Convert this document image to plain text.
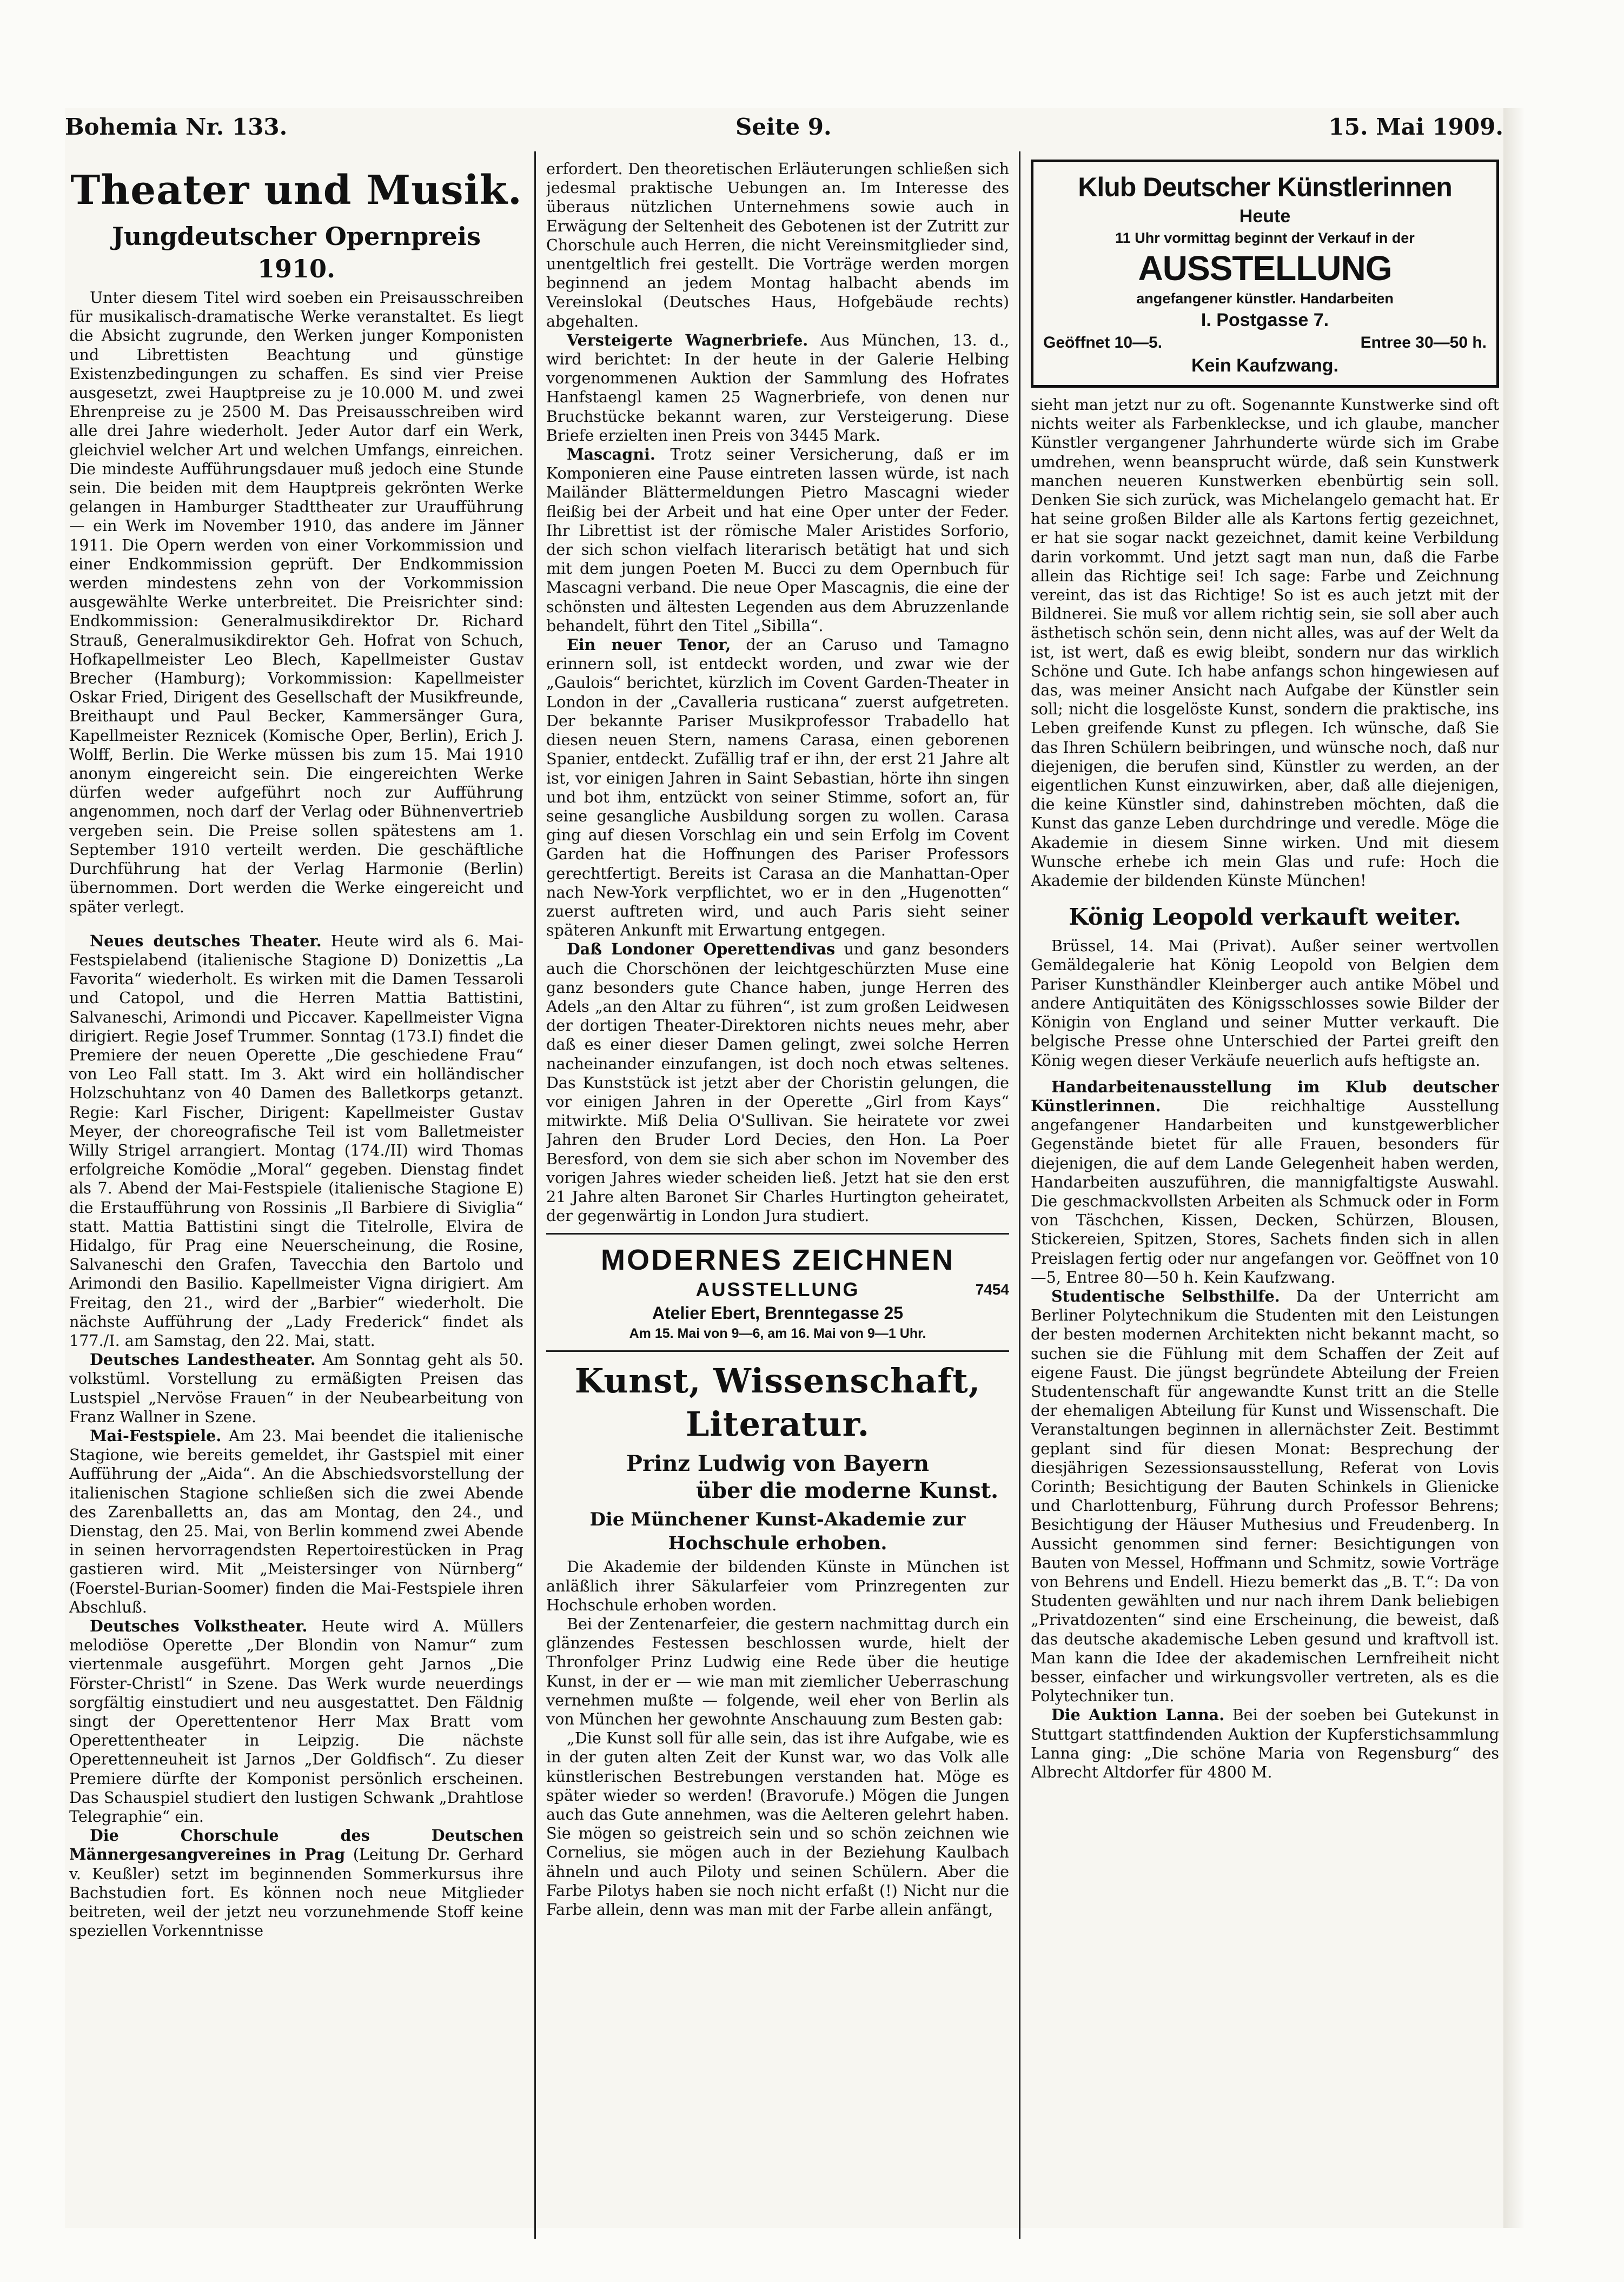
Bohemia Nr. 133.	Seite 9.	15. Mai 1909.
Theater und Musik.
Jungdeutscher Opernpreis 1910.

Unter diesem Titel wird soeben ein Preisausschreiben für musikalisch-dramatische Werke veranstaltet. Es liegt die Absicht zugrunde, den Werken junger Komponisten und Librettisten Beachtung und günstige Existenzbedingungen zu schaffen. Es sind vier Preise ausgesetzt, zwei Hauptpreise zu je 10.000 M. und zwei Ehrenpreise zu je 2500 M. Das Preisausschreiben wird alle drei Jahre wiederholt. Jeder Autor darf ein Werk, gleichviel welcher Art und welchen Umfangs, einreichen. Die mindeste Aufführungsdauer muß jedoch eine Stunde sein. Die beiden mit dem Hauptpreis gekrönten Werke gelangen in Hamburger Stadttheater zur Uraufführung — ein Werk im November 1910, das andere im Jänner 1911. Die Opern werden von einer Vorkommission und einer Endkommission geprüft. Der Endkommission werden mindestens zehn von der Vorkommission ausgewählte Werke unterbreitet. Die Preisrichter sind: Endkommission: Generalmusikdirektor Dr. Richard Strauß, Generalmusikdirektor Geh. Hofrat von Schuch, Hofkapellmeister Leo Blech, Kapellmeister Gustav Brecher (Hamburg); Vorkommission: Kapellmeister Oskar Fried, Dirigent des Gesellschaft der Musikfreunde, Breithaupt und Paul Becker, Kammersänger Gura, Kapellmeister Reznicek (Komische Oper, Berlin), Erich J. Wolff, Berlin. Die Werke müssen bis zum 15. Mai 1910 anonym eingereicht sein. Die eingereichten Werke dürfen weder aufgeführt noch zur Aufführung angenommen, noch darf der Verlag oder Bühnenvertrieb vergeben sein. Die Preise sollen spätestens am 1. September 1910 verteilt werden. Die geschäftliche Durchführung hat der Verlag Harmonie (Berlin) übernommen. Dort werden die Werke eingereicht und später verlegt.

Neues deutsches Theater. Heute wird als 6. Mai-Festspielabend (italienische Stagione D) Donizettis „La Favorita“ wiederholt. Es wirken mit die Damen Tessaroli und Catopol, und die Herren Mattia Battistini, Salvaneschi, Arimondi und Piccaver. Kapellmeister Vigna dirigiert. Regie Josef Trummer. Sonntag (173.I) findet die Premiere der neuen Operette „Die geschiedene Frau“ von Leo Fall statt. Im 3. Akt wird ein holländischer Holzschuhtanz von 40 Damen des Balletkorps getanzt. Regie: Karl Fischer, Dirigent: Kapellmeister Gustav Meyer, der choreografische Teil ist vom Balletmeister Willy Strigel arrangiert. Montag (174./II) wird Thomas erfolgreiche Komödie „Moral“ gegeben. Dienstag findet als 7. Abend der Mai-Festspiele (italienische Stagione E) die Erstaufführung von Rossinis „Il Barbiere di Siviglia“ statt. Mattia Battistini singt die Titelrolle, Elvira de Hidalgo, für Prag eine Neuerscheinung, die Rosine, Salvaneschi den Grafen, Tavecchia den Bartolo und Arimondi den Basilio. Kapellmeister Vigna dirigiert. Am Freitag, den 21., wird der „Barbier“ wiederholt. Die nächste Aufführung der „Lady Frederick“ findet als 177./I. am Samstag, den 22. Mai, statt.

Deutsches Landestheater. Am Sonntag geht als 50. volkstüml. Vorstellung zu ermäßigten Preisen das Lustspiel „Nervöse Frauen“ in der Neubearbeitung von Franz Wallner in Szene.

Mai-Festspiele. Am 23. Mai beendet die italienische Stagione, wie bereits gemeldet, ihr Gastspiel mit einer Aufführung der „Aida“. An die Abschiedsvorstellung der italienischen Stagione schließen sich die zwei Abende des Zarenballetts an, das am Montag, den 24., und Dienstag, den 25. Mai, von Berlin kommend zwei Abende in seinen hervorragendsten Repertoirestücken in Prag gastieren wird. Mit „Meistersinger von Nürnberg“ (Foerstel-Burian-Soomer) finden die Mai-Festspiele ihren Abschluß.

Deutsches Volkstheater. Heute wird A. Müllers melodiöse Operette „Der Blondin von Namur“ zum viertenmale ausgeführt. Morgen geht Jarnos „Die Förster-Christl“ in Szene. Das Werk wurde neuerdings sorgfältig einstudiert und neu ausgestattet. Den Fäldnig singt der Operettentenor Herr Max Bratt vom Operettentheater in Leipzig. Die nächste Operettenneuheit ist Jarnos „Der Goldfisch“. Zu dieser Premiere dürfte der Komponist persönlich erscheinen. Das Schauspiel studiert den lustigen Schwank „Drahtlose Telegraphie“ ein.

Die Chorschule des Deutschen Männergesangvereines in Prag (Leitung Dr. Gerhard v. Keußler) setzt im beginnenden Sommerkursus ihre Bachstudien fort. Es können noch neue Mitglieder beitreten, weil der jetzt neu vorzunehmende Stoff keine speziellen Vorkenntnisse

erfordert. Den theoretischen Erläuterungen schließen sich jedesmal praktische Uebungen an. Im Interesse des überaus nützlichen Unternehmens sowie auch in Erwägung der Seltenheit des Gebotenen ist der Zutritt zur Chorschule auch Herren, die nicht Vereinsmitglieder sind, unentgeltlich frei gestellt. Die Vorträge werden morgen beginnend an jedem Montag halbacht abends im Vereinslokal (Deutsches Haus, Hofgebäude rechts) abgehalten.

Versteigerte Wagnerbriefe. Aus München, 13. d., wird berichtet: In der heute in der Galerie Helbing vorgenommenen Auktion der Sammlung des Hofrates Hanfstaengl kamen 25 Wagnerbriefe, von denen nur Bruchstücke bekannt waren, zur Versteigerung. Diese Briefe erzielten inen Preis von 3445 Mark.

Mascagni. Trotz seiner Versicherung, daß er im Komponieren eine Pause eintreten lassen würde, ist nach Mailänder Blättermeldungen Pietro Mascagni wieder fleißig bei der Arbeit und hat eine Oper unter der Feder. Ihr Librettist ist der römische Maler Aristides Sorforio, der sich schon vielfach literarisch betätigt hat und sich mit dem jungen Poeten M. Bucci zu dem Opernbuch für Mascagni verband. Die neue Oper Mascagnis, die eine der schönsten und ältesten Legenden aus dem Abruzzenlande behandelt, führt den Titel „Sibilla“.

Ein neuer Tenor, der an Caruso und Tamagno erinnern soll, ist entdeckt worden, und zwar wie der „Gaulois“ berichtet, kürzlich im Covent Garden-Theater in London in der „Cavalleria rusticana“ zuerst aufgetreten. Der bekannte Pariser Musikprofessor Trabadello hat diesen neuen Stern, namens Carasa, einen geborenen Spanier, entdeckt. Zufällig traf er ihn, der erst 21 Jahre alt ist, vor einigen Jahren in Saint Sebastian, hörte ihn singen und bot ihm, entzückt von seiner Stimme, sofort an, für seine gesangliche Ausbildung sorgen zu wollen. Carasa ging auf diesen Vorschlag ein und sein Erfolg im Covent Garden hat die Hoffnungen des Pariser Professors gerechtfertigt. Bereits ist Carasa an die Manhattan-Oper nach New-York verpflichtet, wo er in den „Hugenotten“ zuerst auftreten wird, und auch Paris sieht seiner späteren Ankunft mit Erwartung entgegen.

Daß Londoner Operettendivas und ganz besonders auch die Chorschönen der leichtgeschürzten Muse eine ganz besonders gute Chance haben, junge Herren des Adels „an den Altar zu führen“, ist zum großen Leidwesen der dortigen Theater-Direktoren nichts neues mehr, aber daß es einer dieser Damen gelingt, zwei solche Herren nacheinander einzufangen, ist doch noch etwas seltenes. Das Kunststück ist jetzt aber der Choristin gelungen, die vor einigen Jahren in der Operette „Girl from Kays“ mitwirkte. Miß Delia O'Sullivan. Sie heiratete vor zwei Jahren den Bruder Lord Decies, den Hon. La Poer Beresford, von dem sie sich aber schon im November des vorigen Jahres wieder scheiden ließ. Jetzt hat sie den erst 21 Jahre alten Baronet Sir Charles Hurtington geheiratet, der gegenwärtig in London Jura studiert.

MODERNES ZEICHNEN
AUSSTELLUNG	7454
Atelier Ebert, Brenntegasse 25
Am 15. Mai von 9—6, am 16. Mai von 9—1 Uhr.
Kunst, Wissenschaft, Literatur.
Prinz Ludwig von Bayern
über die moderne Kunst.
Die Münchener Kunst-Akademie zur Hochschule erhoben.

Die Akademie der bildenden Künste in München ist anläßlich ihrer Säkularfeier vom Prinzregenten zur Hochschule erhoben worden.

Bei der Zentenarfeier, die gestern nachmittag durch ein glänzendes Festessen beschlossen wurde, hielt der Thronfolger Prinz Ludwig eine Rede über die heutige Kunst, in der er — wie man mit ziemlicher Ueberraschung vernehmen mußte — folgende, weil eher von Berlin als von München her gewohnte Anschauung zum Besten gab:

„Die Kunst soll für alle sein, das ist ihre Aufgabe, wie es in der guten alten Zeit der Kunst war, wo das Volk alle künstlerischen Bestrebungen verstanden hat. Möge es später wieder so werden! (Bravorufe.) Mögen die Jungen auch das Gute annehmen, was die Aelteren gelehrt haben. Sie mögen so geistreich sein und so schön zeichnen wie Cornelius, sie mögen auch in der Beziehung Kaulbach ähneln und auch Piloty und seinen Schülern. Aber die Farbe Pilotys haben sie noch nicht erfaßt (!) Nicht nur die Farbe allein, denn was man mit der Farbe allein anfängt,

Klub Deutscher Künstlerinnen
Heute
11 Uhr vormittag beginnt der Verkauf in der
AUSSTELLUNG
angefangener künstler. Handarbeiten
I. Postgasse 7.
Geöffnet 10—5.	Entree 30—50 h.
Kein Kaufzwang.

sieht man jetzt nur zu oft. Sogenannte Kunstwerke sind oft nichts weiter als Farbenkleckse, und ich glaube, mancher Künstler vergangener Jahrhunderte würde sich im Grabe umdrehen, wenn beansprucht würde, daß sein Kunstwerk manchen neueren Kunstwerken ebenbürtig sein soll. Denken Sie sich zurück, was Michelangelo gemacht hat. Er hat seine großen Bilder alle als Kartons fertig gezeichnet, er hat sie sogar nackt gezeichnet, damit keine Verbildung darin vorkommt. Und jetzt sagt man nun, daß die Farbe allein das Richtige sei! Ich sage: Farbe und Zeichnung vereint, das ist das Richtige! So ist es auch jetzt mit der Bildnerei. Sie muß vor allem richtig sein, sie soll aber auch ästhetisch schön sein, denn nicht alles, was auf der Welt da ist, ist wert, daß es ewig bleibt, sondern nur das wirklich Schöne und Gute. Ich habe anfangs schon hingewiesen auf das, was meiner Ansicht nach Aufgabe der Künstler sein soll; nicht die losgelöste Kunst, sondern die praktische, ins Leben greifende Kunst zu pflegen. Ich wünsche, daß Sie das Ihren Schülern beibringen, und wünsche noch, daß nur diejenigen, die berufen sind, Künstler zu werden, an der eigentlichen Kunst einzuwirken, aber, daß alle diejenigen, die keine Künstler sind, dahinstreben möchten, daß die Kunst das ganze Leben durchdringe und veredle. Möge die Akademie in diesem Sinne wirken. Und mit diesem Wunsche erhebe ich mein Glas und rufe: Hoch die Akademie der bildenden Künste München!

König Leopold verkauft weiter.

Brüssel, 14. Mai (Privat). Außer seiner wertvollen Gemäldegalerie hat König Leopold von Belgien dem Pariser Kunsthändler Kleinberger auch antike Möbel und andere Antiquitäten des Königsschlosses sowie Bilder der Königin von England und seiner Mutter verkauft. Die belgische Presse ohne Unterschied der Partei greift den König wegen dieser Verkäufe neuerlich aufs heftigste an.

Handarbeitenausstellung im Klub deutscher Künstlerinnen.	Die reichhaltige Ausstellung angefangener Handarbeiten und kunstgewerblicher Gegenstände bietet für alle Frauen, besonders für diejenigen, die auf dem Lande Gelegenheit haben werden, Handarbeiten auszuführen, die mannigfaltigste Auswahl. Die geschmackvollsten Arbeiten als Schmuck oder in Form von Täschchen, Kissen, Decken, Schürzen, Blousen, Stickereien, Spitzen, Stores, Sachets finden sich in allen Preislagen fertig oder nur angefangen vor. Geöffnet von 10—5, Entree 80—50 h. Kein Kaufzwang.

Studentische Selbsthilfe. Da der Unterricht am Berliner Polytechnikum die Studenten mit den Leistungen der besten modernen Architekten nicht bekannt macht, so suchen sie die Fühlung mit dem Schaffen der Zeit auf eigene Faust. Die jüngst begründete Abteilung der Freien Studentenschaft für angewandte Kunst tritt an die Stelle der ehemaligen Abteilung für Kunst und Wissenschaft. Die Veranstaltungen beginnen in allernächster Zeit. Bestimmt geplant sind für diesen Monat: Besprechung der diesjährigen Sezessionsausstellung, Referat von Lovis Corinth; Besichtigung der Bauten Schinkels in Glienicke und Charlottenburg, Führung durch Professor Behrens; Besichtigung der Häuser Muthesius und Freudenberg. In Aussicht genommen sind ferner: Besichtigungen von Bauten von Messel, Hoffmann und Schmitz, sowie Vorträge von Behrens und Endell. Hiezu bemerkt das „B. T.“: Da von Studenten gewählten und nur nach ihrem Dank beliebigen „Privatdozenten“ sind eine Erscheinung, die beweist, daß das deutsche akademische Leben gesund und kraftvoll ist. Man kann die Idee der akademischen Lernfreiheit nicht besser, einfacher und wirkungsvoller vertreten, als es die Polytechniker tun.

Die Auktion Lanna. Bei der soeben bei Gutekunst in Stuttgart stattfindenden Auktion der Kupferstichsammlung Lanna ging: „Die schöne Maria von Regensburg“ des Albrecht Altdorfer für 4800 M.
